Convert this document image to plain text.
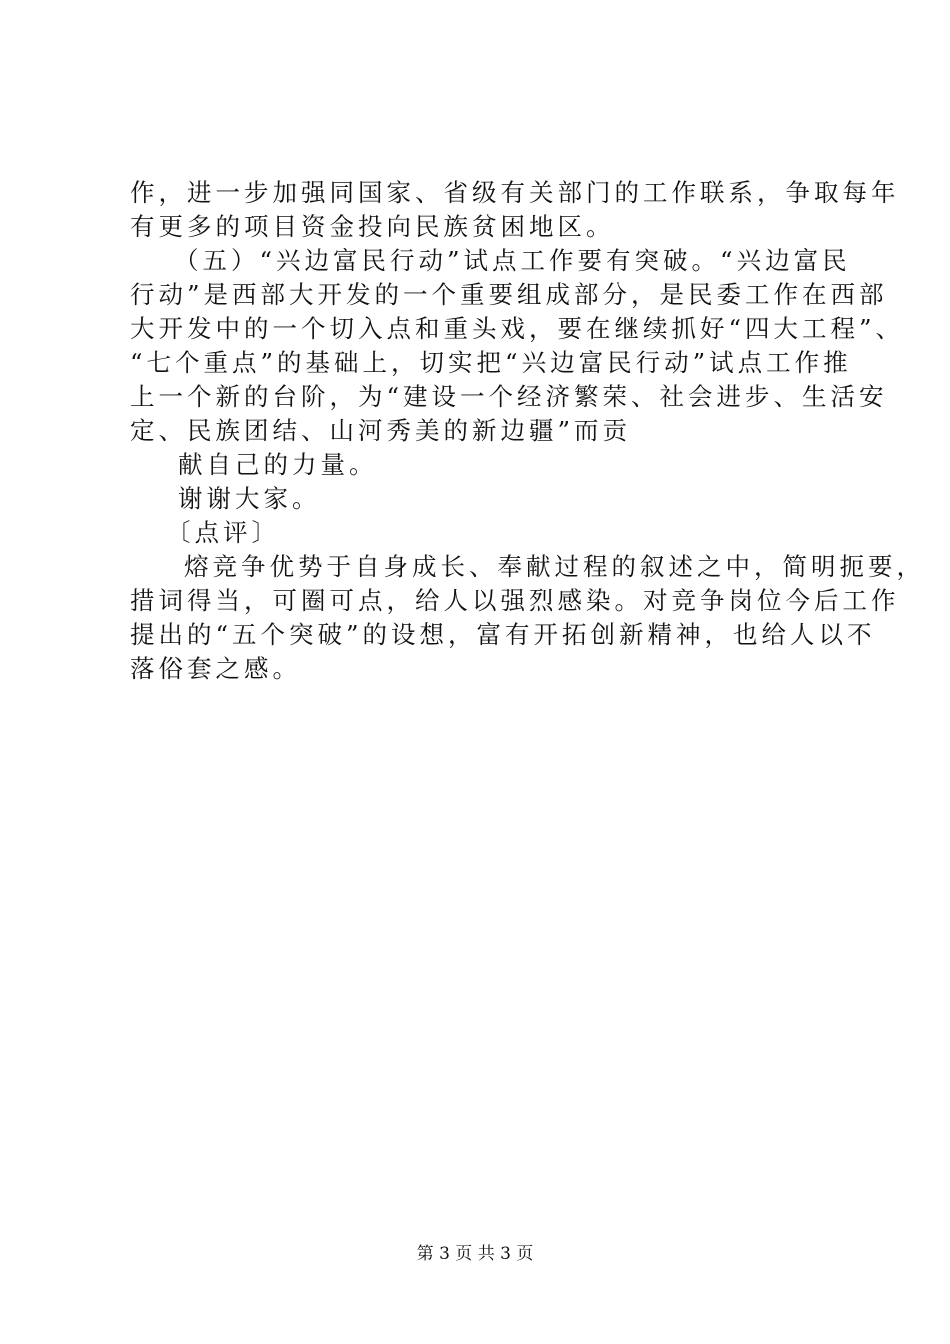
作，进一步加强同国家、省级有关部门的工作联系，争取每年
有更多的项目资金投向民族贫困地区。
（五）“兴边富民行动”试点工作要有突破。“兴边富民
行动”是西部大开发的一个重要组成部分，是民委工作在西部
大开发中的一个切入点和重头戏，要在继续抓好“四大工程”、
“七个重点”的基础上，切实把“兴边富民行动”试点工作推
上一个新的台阶，为“建设一个经济繁荣、社会进步、生活安
定、民族团结、山河秀美的新边疆”而贡
献自己的力量。
谢谢大家。
〔点评〕
熔竞争优势于自身成长、奉献过程的叙述之中，简明扼要，
措词得当，可圈可点，给人以强烈感染。对竞争岗位今后工作
提出的“五个突破”的设想，富有开拓创新精神，也给人以不
落俗套之感。
第 3 页 共 3 页
